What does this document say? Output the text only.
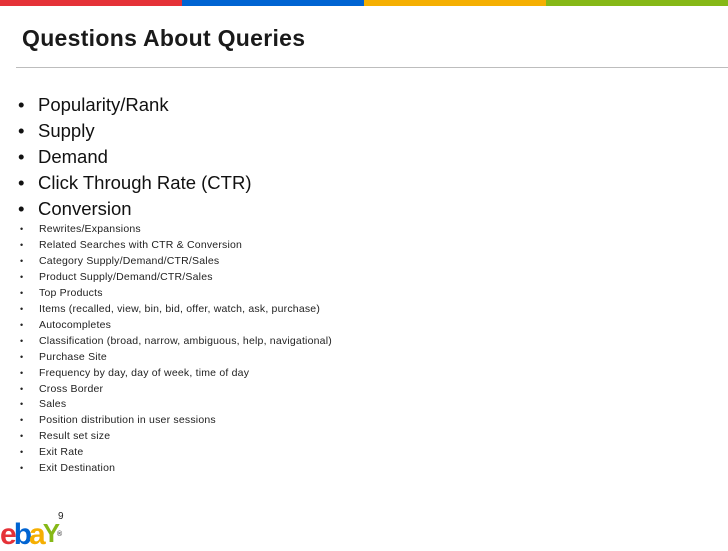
Questions About Queries
• Popularity/Rank
• Supply
• Demand
• Click Through Rate (CTR)
• Conversion
• Rewrites/Expansions
• Related Searches with CTR & Conversion
• Category Supply/Demand/CTR/Sales
• Product Supply/Demand/CTR/Sales
• Top Products
• Items (recalled, view, bin, bid, offer, watch, ask, purchase)
• Autocompletes
• Classification (broad, narrow, ambiguous, help, navigational)
• Purchase Site
• Frequency by day, day of week, time of day
• Cross Border
• Sales
• Position distribution in user sessions
• Result set size
• Exit Rate
• Exit Destination
9
ebaY®
